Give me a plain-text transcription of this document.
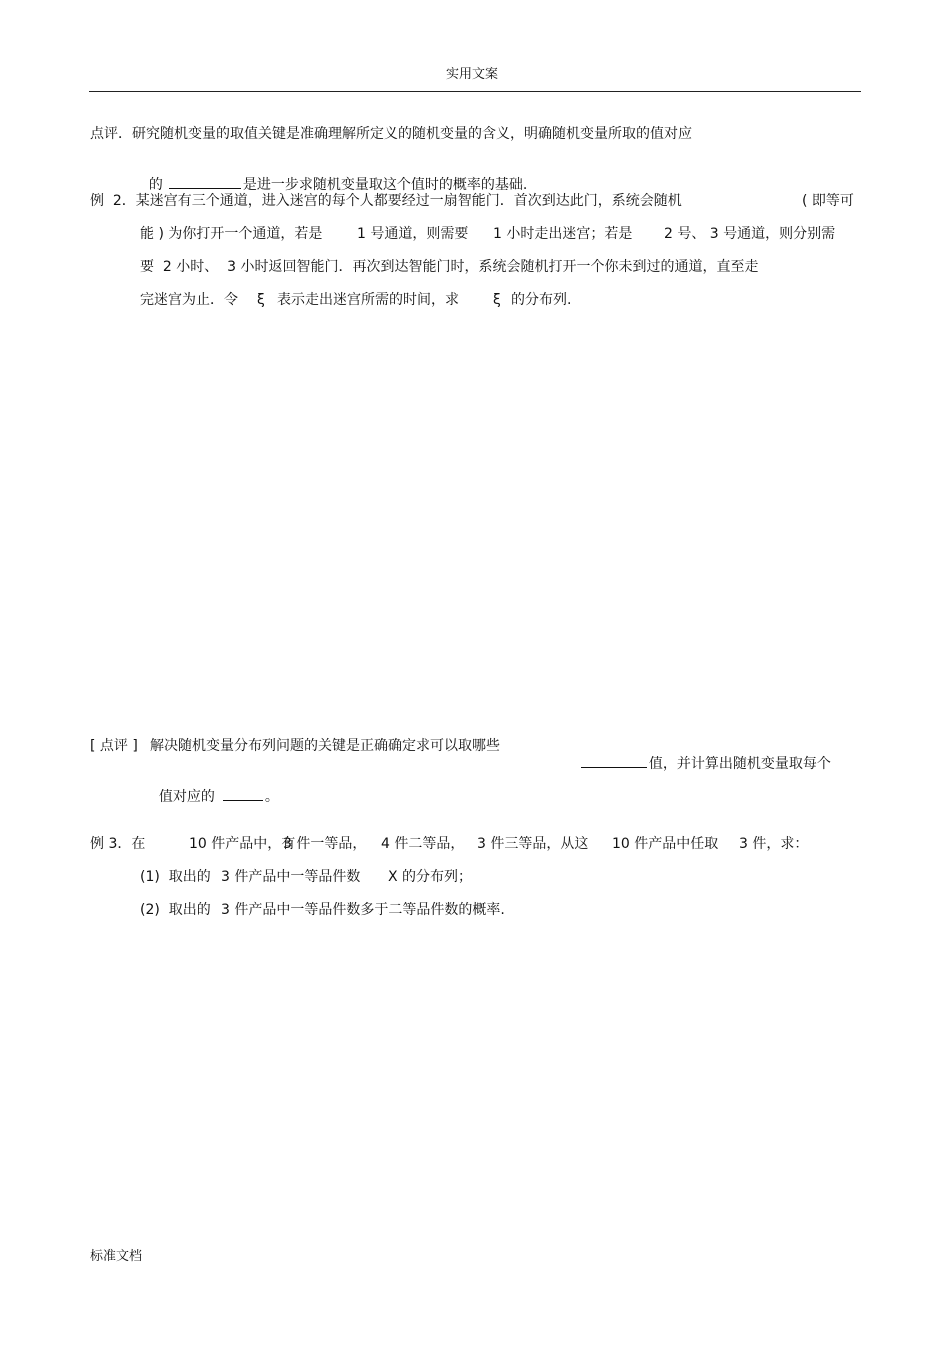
实用文案
点评．研究随机变量的取值关键是准确理解所定义的随机变量的含义，明确随机变量所取的值对应

的	是进一步求随机变量取这个值时的概率的基础.

例  2．某迷宫有三个通道，进入迷宫的每个人都要经过一扇智能门．首次到达此门，系统会随机	( 即等可
能 ) 为你打开一个通道，若是 1 号通道，则需要 1 小时走出迷宫；若是 2 号、 3 号通道，则分别需
要  2 小时、  3 小时返回智能门．再次到达智能门时，系统会随机打开一个你未到过的通道，直至走
完迷宫为止．令 ξ 表示走出迷宫所需的时间，求 ξ 的分布列.
[ 点评 ] 解决随机变量分布列问题的关键是正确确定求可以取哪些

值，并计算出随机变量取每个

值对应的	。

例 3．在	10 件产品中，有
3 件一等品， 4 件二等品， 3 件三等品，从这 10 件产品中任取 3 件，求：
(1)  取出的 3 件产品中一等品件数 X 的分布列；
(2)  取出的 3 件产品中一等品件数多于二等品件数的概率.
标准文档
